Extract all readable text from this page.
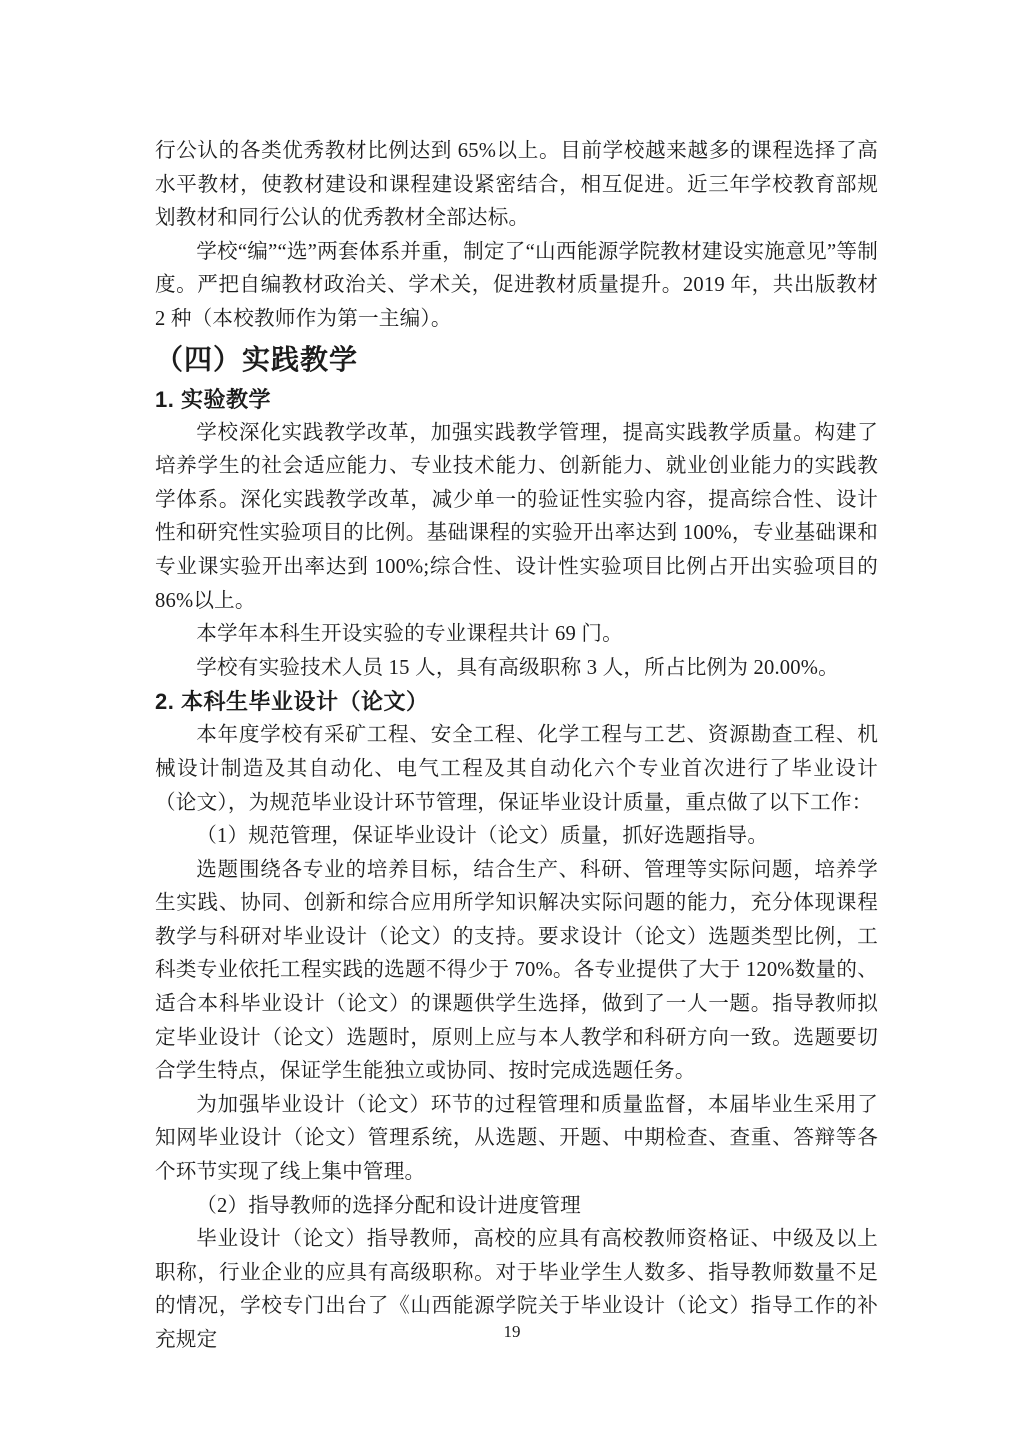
行公认的各类优秀教材比例达到 65%以上。目前学校越来越多的课程选择了高水平教材，使教材建设和课程建设紧密结合，相互促进。近三年学校教育部规划教材和同行公认的优秀教材全部达标。

学校“编”“选”两套体系并重，制定了“山西能源学院教材建设实施意见”等制度。严把自编教材政治关、学术关，促进教材质量提升。2019 年，共出版教材 2 种（本校教师作为第一主编）。

（四）实践教学
1. 实验教学

学校深化实践教学改革，加强实践教学管理，提高实践教学质量。构建了培养学生的社会适应能力、专业技术能力、创新能力、就业创业能力的实践教学体系。深化实践教学改革，减少单一的验证性实验内容，提高综合性、设计性和研究性实验项目的比例。基础课程的实验开出率达到 100%，专业基础课和专业课实验开出率达到 100%;综合性、设计性实验项目比例占开出实验项目的 86%以上。

本学年本科生开设实验的专业课程共计 69 门。

学校有实验技术人员 15 人，具有高级职称 3 人，所占比例为 20.00%。

2. 本科生毕业设计（论文）

本年度学校有采矿工程、安全工程、化学工程与工艺、资源勘查工程、机械设计制造及其自动化、电气工程及其自动化六个专业首次进行了毕业设计（论文），为规范毕业设计环节管理，保证毕业设计质量，重点做了以下工作：

（1）规范管理，保证毕业设计（论文）质量，抓好选题指导。

选题围绕各专业的培养目标，结合生产、科研、管理等实际问题，培养学生实践、协同、创新和综合应用所学知识解决实际问题的能力，充分体现课程教学与科研对毕业设计（论文）的支持。要求设计（论文）选题类型比例，工科类专业依托工程实践的选题不得少于 70%。各专业提供了大于 120%数量的、适合本科毕业设计（论文）的课题供学生选择，做到了一人一题。指导教师拟定毕业设计（论文）选题时，原则上应与本人教学和科研方向一致。选题要切合学生特点，保证学生能独立或协同、按时完成选题任务。

为加强毕业设计（论文）环节的过程管理和质量监督，本届毕业生采用了知网毕业设计（论文）管理系统，从选题、开题、中期检查、查重、答辩等各个环节实现了线上集中管理。

（2）指导教师的选择分配和设计进度管理

毕业设计（论文）指导教师，高校的应具有高校教师资格证、中级及以上职称，行业企业的应具有高级职称。对于毕业学生人数多、指导教师数量不足的情况，学校专门出台了《山西能源学院关于毕业设计（论文）指导工作的补充规定	19
